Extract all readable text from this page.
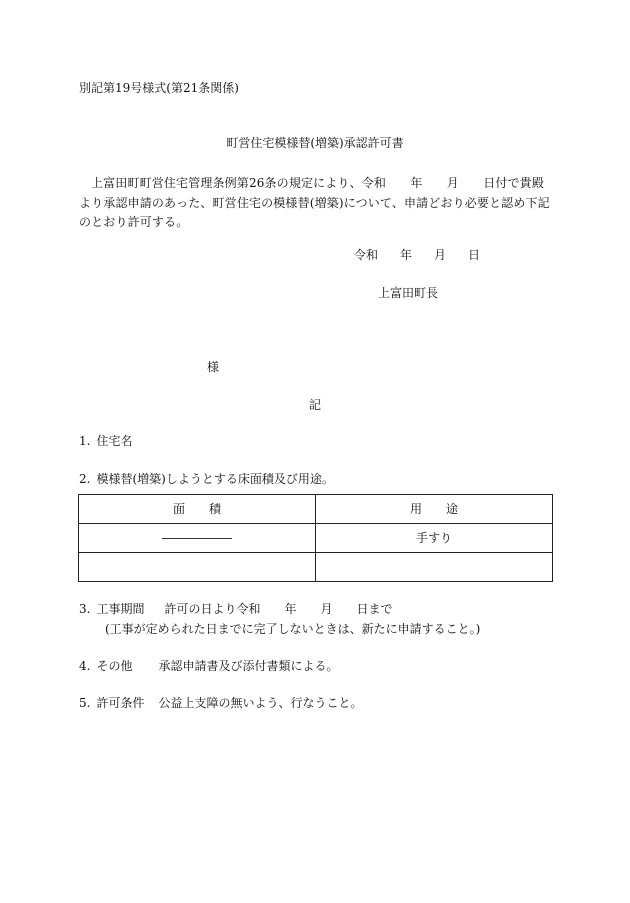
別記第19号様式(第21条関係)
町営住宅模様替(増築)承認許可書
上富田町町営住宅管理条例第26条の規定により、令和　　年　　月　　日付で貴殿より承認申請のあった、町営住宅の模様替(増築)について、申請どおり必要と認め下記のとおり許可する。
令和 年 月 日
上富田町長
様
記
1. 住宅名
2. 模様替(増築)しようとする床面積及び用途。
面　　積	用　　途
	手すり

3. 工事期間 許可の日より令和 年 月 日まで
(工事が定められた日までに完了しないときは、新たに申請すること。)
4. その他 承認申請書及び添付書類による。
5. 許可条件 公益上支障の無いよう、行なうこと。
